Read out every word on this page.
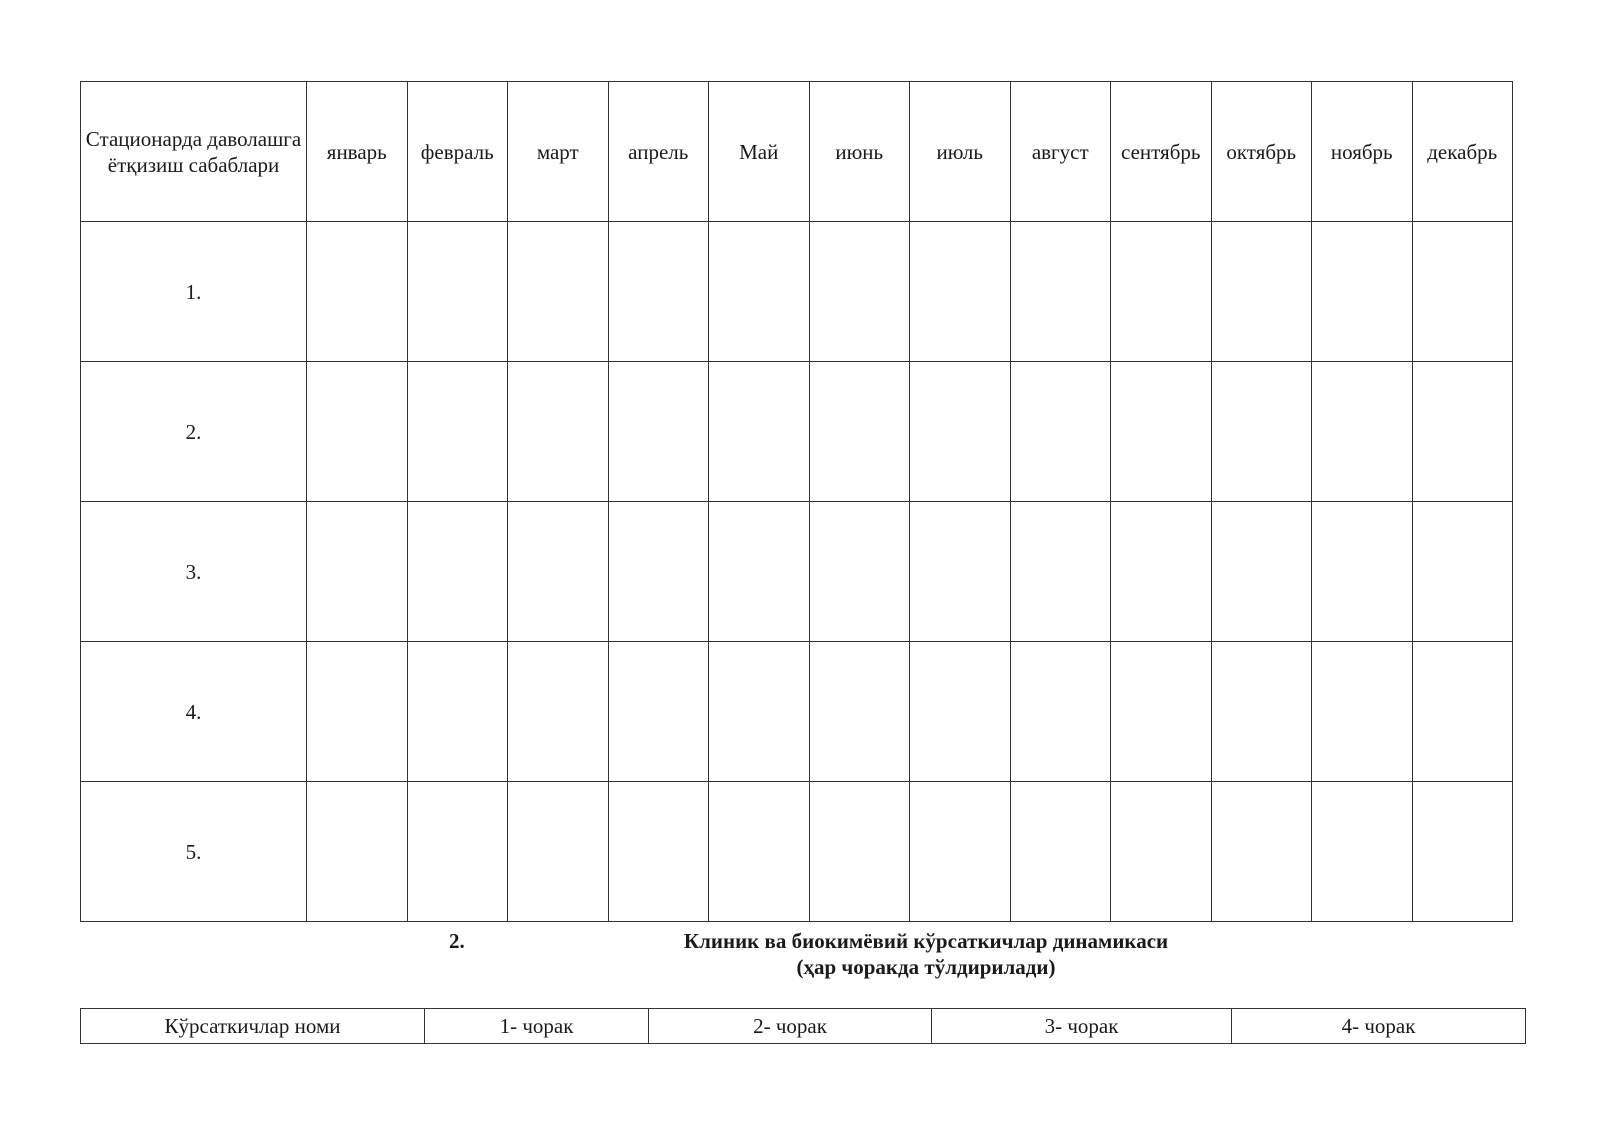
Стационарда даволашга ётқизиш сабаблари	январь	февраль	март	апрель	Май	июнь	июль	август	сентябрь	октябрь	ноябрь	декабрь
1.												
2.												
3.												
4.												
5.												
2.	Клиник ва биокимёвий кўрсаткичлар динамикаси
(ҳар чоракда тўлдирилади)
Кўрсаткичлар номи	1- чорак	2- чорак	3- чорак	4- чорак
